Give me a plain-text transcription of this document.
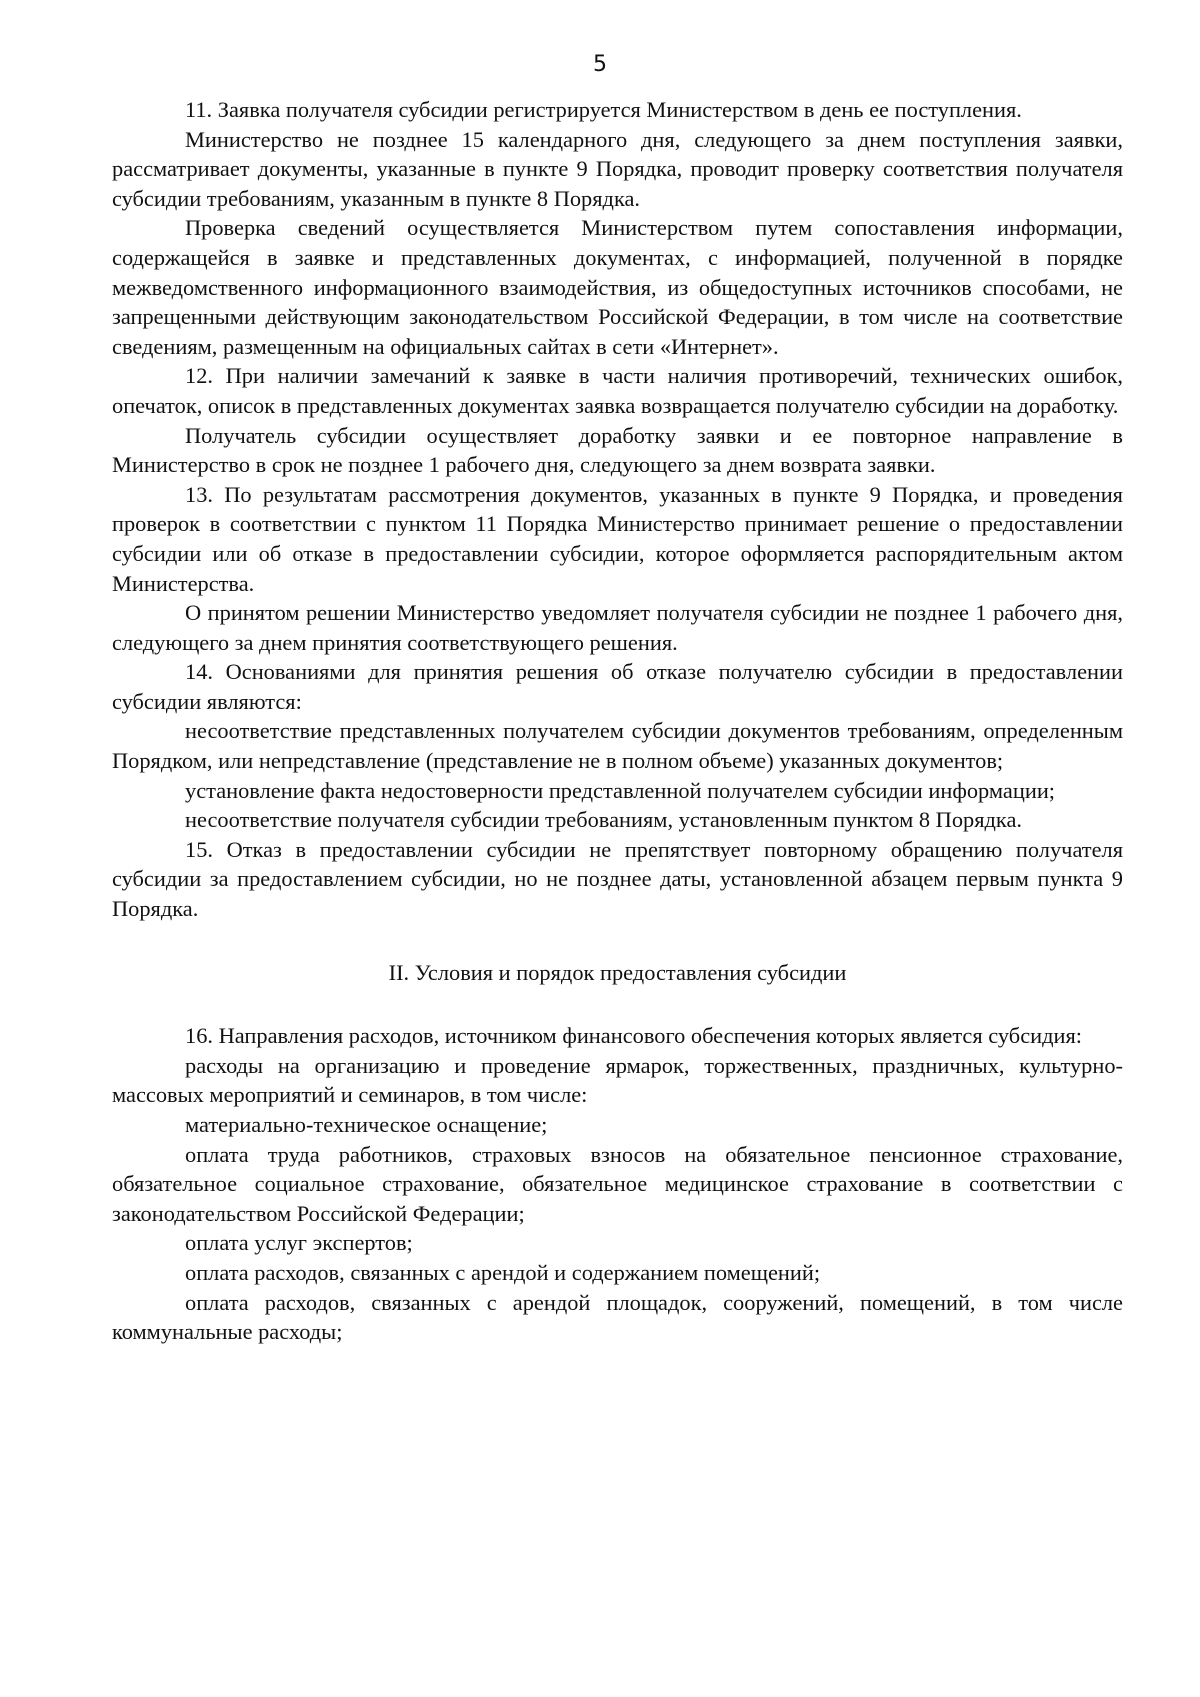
5

11. Заявка получателя субсидии регистрируется Министерством в день ее поступления.

Министерство не позднее 15 календарного дня, следующего за днем поступления заявки, рассматривает документы, указанные в пункте 9 Порядка, проводит проверку соответствия получателя субсидии требованиям, указанным в пункте 8 Порядка.

Проверка сведений осуществляется Министерством путем сопоставления информации, содержащейся в заявке и представленных документах, с информацией, полученной в порядке межведомственного информационного взаимодействия, из общедоступных источников способами, не запрещенными действующим законодательством Российской Федерации, в том числе на соответствие сведениям, размещенным на официальных сайтах в сети «Интернет».

12. При наличии замечаний к заявке в части наличия противоречий, технических ошибок, опечаток, описок в представленных документах заявка возвращается получателю субсидии на доработку.

Получатель субсидии осуществляет доработку заявки и ее повторное направление в Министерство в срок не позднее 1 рабочего дня, следующего за днем возврата заявки.

13. По результатам рассмотрения документов, указанных в пункте 9 Порядка, и проведения проверок в соответствии с пунктом 11 Порядка Министерство принимает решение о предоставлении субсидии или об отказе в предоставлении субсидии, которое оформляется распорядительным актом Министерства.

О принятом решении Министерство уведомляет получателя субсидии не позднее 1 рабочего дня, следующего за днем принятия соответствующего решения.

14. Основаниями для принятия решения об отказе получателю субсидии в предоставлении субсидии являются:

несоответствие представленных получателем субсидии документов требованиям, определенным Порядком, или непредставление (представление не в полном объеме) указанных документов;

установление факта недостоверности представленной получателем субсидии информации;

несоответствие получателя субсидии требованиям, установленным пунктом 8 Порядка.

15. Отказ в предоставлении субсидии не препятствует повторному обращению получателя субсидии за предоставлением субсидии, но не позднее даты, установленной абзацем первым пункта 9 Порядка.

II. Условия и порядок предоставления субсидии

16. Направления расходов, источником финансового обеспечения которых является субсидия:

расходы на организацию и проведение ярмарок, торжественных, праздничных, культурно-массовых мероприятий и семинаров, в том числе:

материально-техническое оснащение;

оплата труда работников, страховых взносов на обязательное пенсионное страхование, обязательное социальное страхование, обязательное медицинское страхование в соответствии с законодательством Российской Федерации;

оплата услуг экспертов;

оплата расходов, связанных с арендой и содержанием помещений;

оплата расходов, связанных с арендой площадок, сооружений, помещений, в том числе коммунальные расходы;
